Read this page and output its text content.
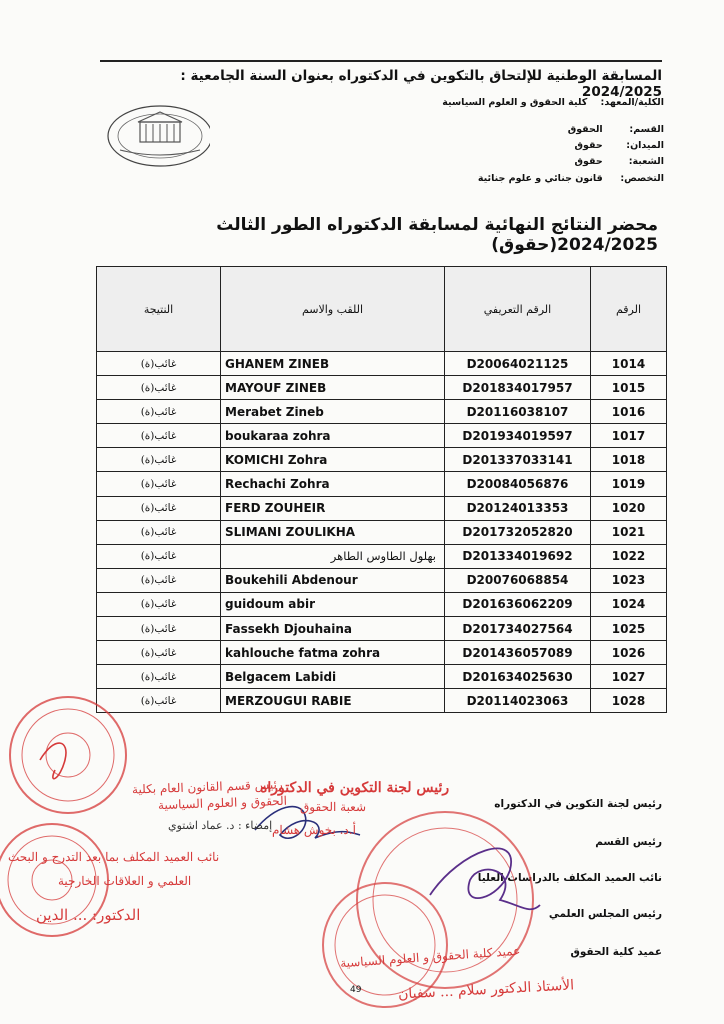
المسابقة الوطنية للإلتحاق بالتكوين في الدكتوراه بعنوان السنة الجامعية : 2024/2025
الكلية/المعهد: كلية الحقوق و العلوم السياسية
القسم: الحقوق
الميدان: حقوق
الشعبة: حقوق
التخصص: قانون جنائي و علوم جنائية
محضر النتائج النهائية لمسابقة الدكتوراه الطور الثالث 2024/2025(حقوق)
النتيجة	اللقب والاسم	الرقم التعريفي	الرقم
غائب(ة)	GHANEM ZINEB	D20064021125	1014
غائب(ة)	MAYOUF ZINEB	D201834017957	1015
غائب(ة)	Merabet Zineb	D20116038107	1016
غائب(ة)	boukaraa zohra	D201934019597	1017
غائب(ة)	KOMICHI Zohra	D201337033141	1018
غائب(ة)	Rechachi Zohra	D20084056876	1019
غائب(ة)	FERD ZOUHEIR	D20124013353	1020
غائب(ة)	SLIMANI ZOULIKHA	D201732052820	1021
غائب(ة)	بهلول الطاوس الطاهر	D201334019692	1022
غائب(ة)	Boukehili Abdenour	D20076068854	1023
غائب(ة)	guidoum abir	D201636062209	1024
غائب(ة)	Fassekh Djouhaina	D201734027564	1025
غائب(ة)	kahlouche fatma zohra	D201436057089	1026
غائب(ة)	Belgacem Labidi	D201634025630	1027
غائب(ة)	MERZOUGUI RABIE	D20114023063	1028
رئيس لجنة التكوين في الدكتوراه
رئيس القسم
نائب العميد المكلف بالدراسات العليا
رئيس المجلس العلمي
عميد كلية الحقوق
رئيس قسم القانون العام بكلية
الحقوق و العلوم السياسية
إمضاء : د. عماد اشتوي
نائب العميد المكلف بما بعد التدرج و البحث
العلمي و العلاقات الخارجية
الدكتور: ... الدين
رئيس لجنة التكوين في الدكتوراه
شعبة الحقوق
أ.د. بخوش هشام
عميد كلية الحقوق و العلوم السياسية
الأستاذ الدكتور سلام ... سفيان
49
